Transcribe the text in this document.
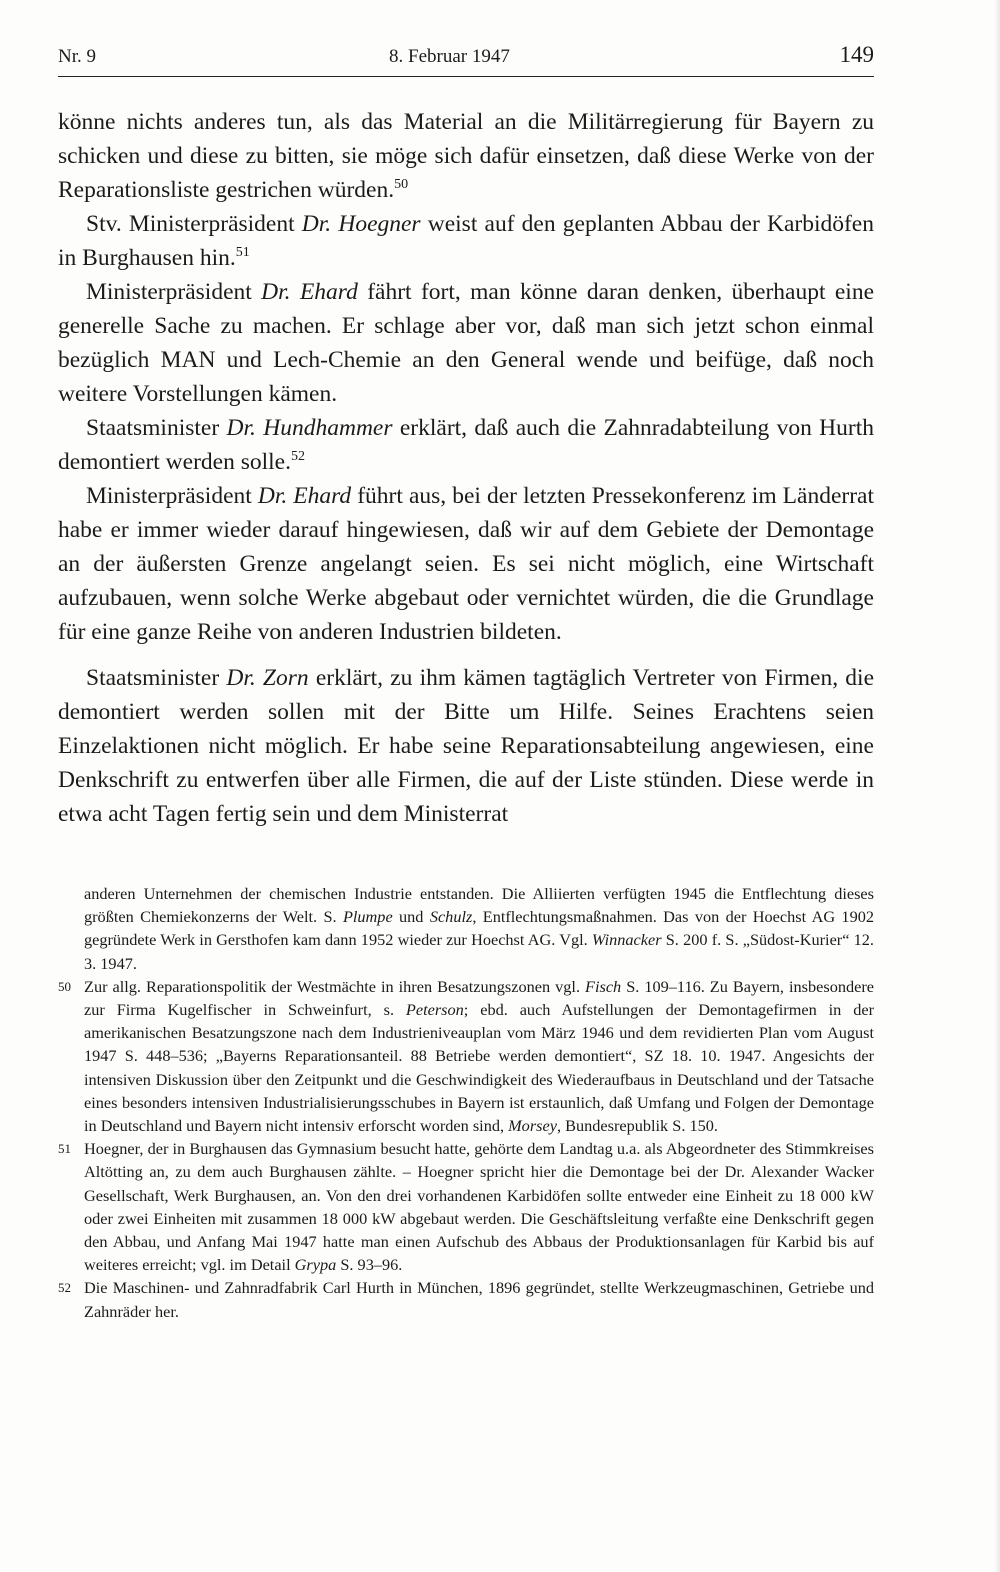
Nr. 9	8. Februar 1947	149

könne nichts anderes tun, als das Material an die Militärregierung für Bayern zu schicken und diese zu bitten, sie möge sich dafür einsetzen, daß diese Werke von der Reparationsliste gestrichen würden.$^{50}$

Stv. Ministerpräsident Dr. Hoegner weist auf den geplanten Abbau der Karbidöfen in Burghausen hin.$^{51}$

Ministerpräsident Dr. Ehard fährt fort, man könne daran denken, überhaupt eine generelle Sache zu machen. Er schlage aber vor, daß man sich jetzt schon einmal bezüglich MAN und Lech-Chemie an den General wende und beifüge, daß noch weitere Vorstellungen kämen.

Staatsminister Dr. Hundhammer erklärt, daß auch die Zahnradabteilung von Hurth demontiert werden solle.$^{52}$

Ministerpräsident Dr. Ehard führt aus, bei der letzten Pressekonferenz im Länderrat habe er immer wieder darauf hingewiesen, daß wir auf dem Gebiete der Demontage an der äußersten Grenze angelangt seien. Es sei nicht möglich, eine Wirtschaft aufzubauen, wenn solche Werke abgebaut oder vernichtet würden, die die Grundlage für eine ganze Reihe von anderen Industrien bildeten.

Staatsminister Dr. Zorn erklärt, zu ihm kämen tagtäglich Vertreter von Firmen, die demontiert werden sollen mit der Bitte um Hilfe. Seines Erachtens seien Einzelaktionen nicht möglich. Er habe seine Reparationsabteilung angewiesen, eine Denkschrift zu entwerfen über alle Firmen, die auf der Liste stünden. Diese werde in etwa acht Tagen fertig sein und dem Ministerrat

anderen Unternehmen der chemischen Industrie entstanden. Die Alliierten verfügten 1945 die Entflechtung dieses größten Chemiekonzerns der Welt. S. Plumpe und Schulz, Entflechtungsmaßnahmen. Das von der Hoechst AG 1902 gegründete Werk in Gersthofen kam dann 1952 wieder zur Hoechst AG. Vgl. Winnacker S. 200 f. S. „Südost-Kurier“ 12. 3. 1947.

50 Zur allg. Reparationspolitik der Westmächte in ihren Besatzungszonen vgl. Fisch S. 109–116. Zu Bayern, insbesondere zur Firma Kugelfischer in Schweinfurt, s. Peterson; ebd. auch Aufstellungen der Demontagefirmen in der amerikanischen Besatzungszone nach dem Industrieniveauplan vom März 1946 und dem revidierten Plan vom August 1947 S. 448–536; „Bayerns Reparationsanteil. 88 Betriebe werden demontiert“, SZ 18. 10. 1947. Angesichts der intensiven Diskussion über den Zeitpunkt und die Geschwindigkeit des Wiederaufbaus in Deutschland und der Tatsache eines besonders intensiven Industrialisierungsschubes in Bayern ist erstaunlich, daß Umfang und Folgen der Demontage in Deutschland und Bayern nicht intensiv erforscht worden sind, Morsey, Bundesrepublik S. 150.

51 Hoegner, der in Burghausen das Gymnasium besucht hatte, gehörte dem Landtag u.a. als Abgeordneter des Stimmkreises Altötting an, zu dem auch Burghausen zählte. – Hoegner spricht hier die Demontage bei der Dr. Alexander Wacker Gesellschaft, Werk Burghausen, an. Von den drei vorhandenen Karbidöfen sollte entweder eine Einheit zu 18 000 kW oder zwei Einheiten mit zusammen 18 000 kW abgebaut werden. Die Geschäftsleitung verfaßte eine Denkschrift gegen den Abbau, und Anfang Mai 1947 hatte man einen Aufschub des Abbaus der Produktionsanlagen für Karbid bis auf weiteres erreicht; vgl. im Detail Grypa S. 93–96.

52 Die Maschinen- und Zahnradfabrik Carl Hurth in München, 1896 gegründet, stellte Werkzeugmaschinen, Getriebe und Zahnräder her.
